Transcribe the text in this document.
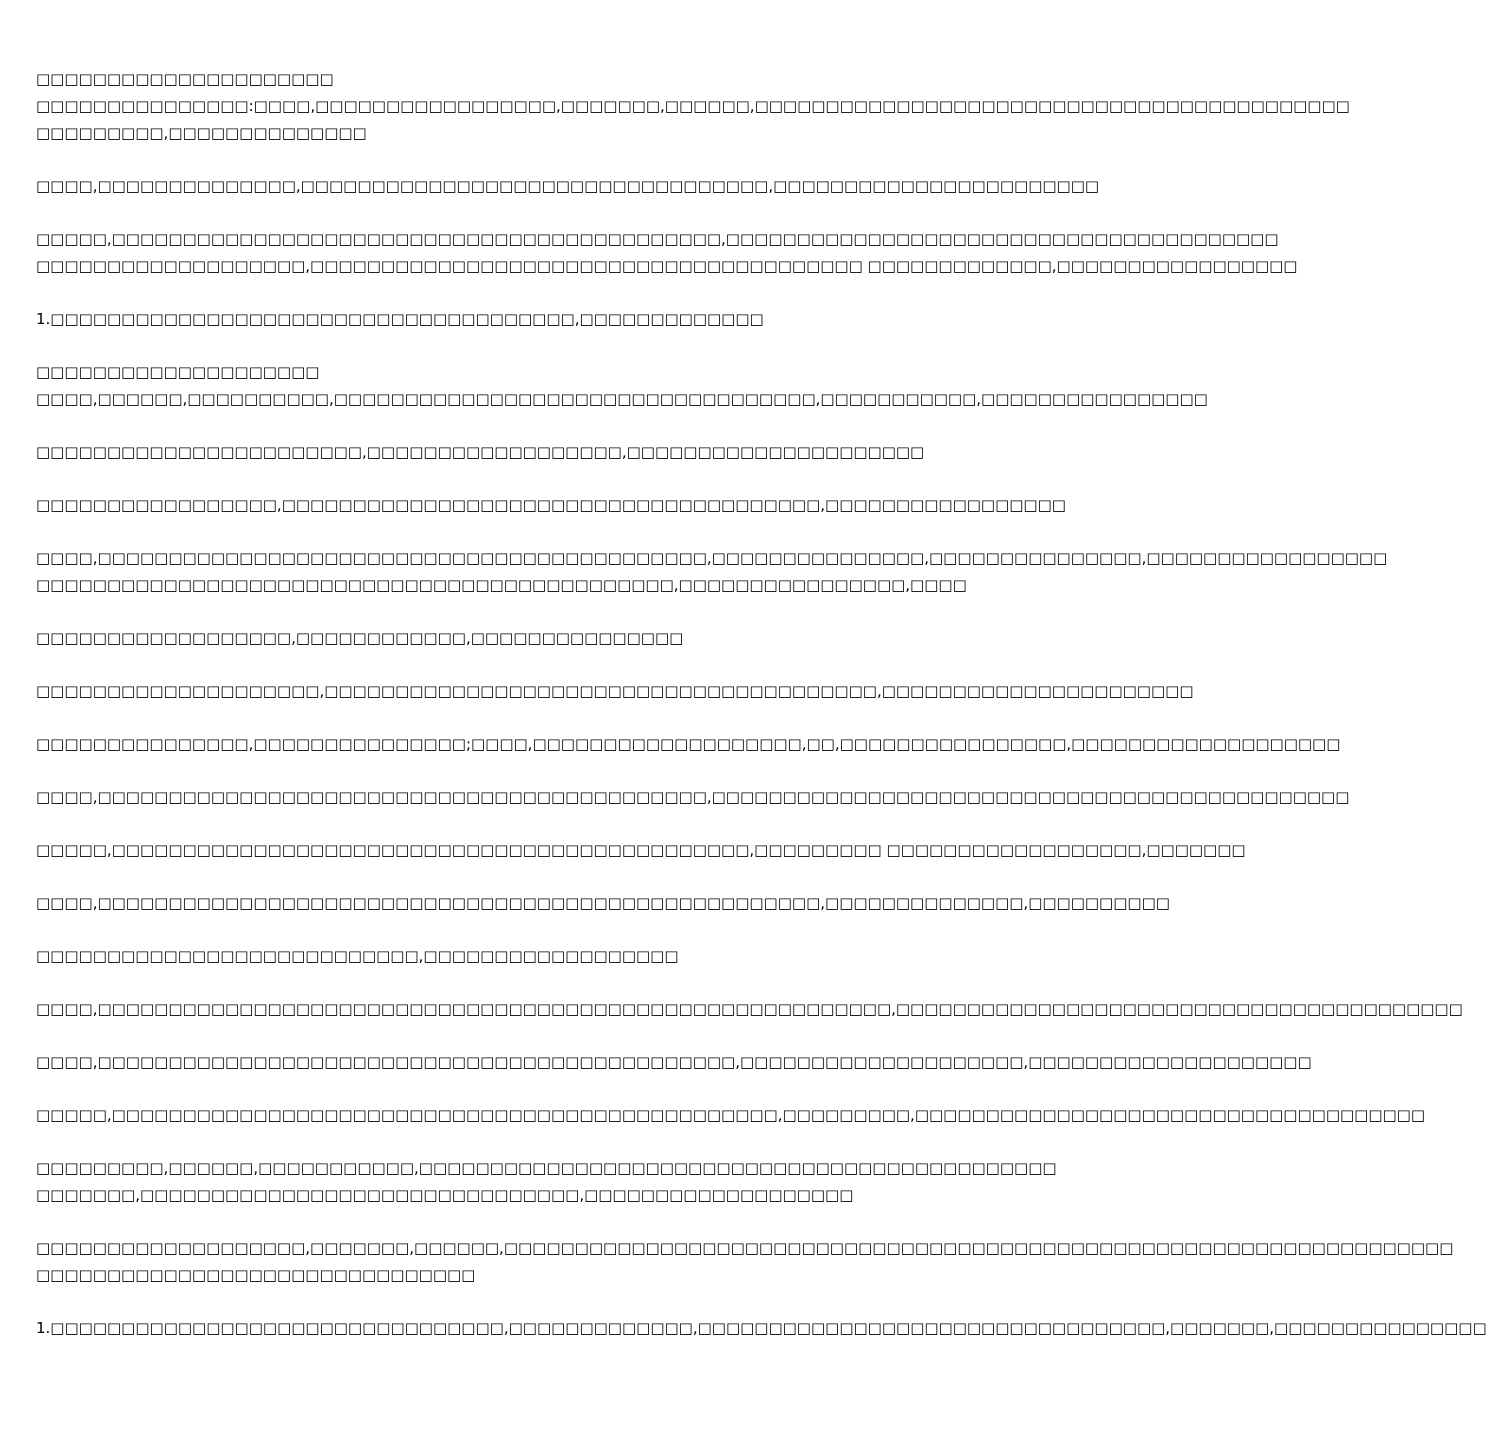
□□□□□□□□□□□□□□□□□□□□□
□□□□□□□□□□□□□□□:□□□□,□□□□□□□□□□□□□□□□□,□□□□□□□,□□□□□□,□□□□□□□□□□□□□□□□□□□□□□□□□□□□□□□□□□□□□□□□□□
□□□□□□□□□,□□□□□□□□□□□□□□
□□□□,□□□□□□□□□□□□□□,□□□□□□□□□□□□□□□□□□□□□□□□□□□□□□□□□,□□□□□□□□□□□□□□□□□□□□□□□
□□□□□,□□□□□□□□□□□□□□□□□□□□□□□□□□□□□□□□□□□□□□□□□□□,□□□□□□□□□□□□□□□□□□□□□□□□□□□□□□□□□□□□□□□
□□□□□□□□□□□□□□□□□□□,□□□□□□□□□□□□□□□□□□□□□□□□□□□□□□□□□□□□□□□ □□□□□□□□□□□□□,□□□□□□□□□□□□□□□□□
1.□□□□□□□□□□□□□□□□□□□□□□□□□□□□□□□□□□□□□,□□□□□□□□□□□□□
□□□□□□□□□□□□□□□□□□□□
□□□□,□□□□□□,□□□□□□□□□□,□□□□□□□□□□□□□□□□□□□□□□□□□□□□□□□□□□,□□□□□□□□□□□,□□□□□□□□□□□□□□□□
□□□□□□□□□□□□□□□□□□□□□□□,□□□□□□□□□□□□□□□□□□,□□□□□□□□□□□□□□□□□□□□□
□□□□□□□□□□□□□□□□□,□□□□□□□□□□□□□□□□□□□□□□□□□□□□□□□□□□□□□□,□□□□□□□□□□□□□□□□□
□□□□,□□□□□□□□□□□□□□□□□□□□□□□□□□□□□□□□□□□□□□□□□□□,□□□□□□□□□□□□□□□,□□□□□□□□□□□□□□□,□□□□□□□□□□□□□□□□□
□□□□□□□□□□□□□□□□□□□□□□□□□□□□□□□□□□□□□□□□□□□□□,□□□□□□□□□□□□□□□□,□□□□
□□□□□□□□□□□□□□□□□□,□□□□□□□□□□□□,□□□□□□□□□□□□□□□
□□□□□□□□□□□□□□□□□□□□,□□□□□□□□□□□□□□□□□□□□□□□□□□□□□□□□□□□□□□□,□□□□□□□□□□□□□□□□□□□□□□
□□□□□□□□□□□□□□□,□□□□□□□□□□□□□□□;□□□□,□□□□□□□□□□□□□□□□□□□,□□,□□□□□□□□□□□□□□□□,□□□□□□□□□□□□□□□□□□□
□□□□,□□□□□□□□□□□□□□□□□□□□□□□□□□□□□□□□□□□□□□□□□□□,□□□□□□□□□□□□□□□□□□□□□□□□□□□□□□□□□□□□□□□□□□□□□
□□□□□,□□□□□□□□□□□□□□□□□□□□□□□□□□□□□□□□□□□□□□□□□□□□□,□□□□□□□□□ □□□□□□□□□□□□□□□□□□,□□□□□□□
□□□□,□□□□□□□□□□□□□□□□□□□□□□□□□□□□□□□□□□□□□□□□□□□□□□□□□□□,□□□□□□□□□□□□□□,□□□□□□□□□□
□□□□□□□□□□□□□□□□□□□□□□□□□□□,□□□□□□□□□□□□□□□□□□
□□□□,□□□□□□□□□□□□□□□□□□□□□□□□□□□□□□□□□□□□□□□□□□□□□□□□□□□□□□□□,□□□□□□□□□□□□□□□□□□□□□□□□□□□□□□□□□□□□□□□□
□□□□,□□□□□□□□□□□□□□□□□□□□□□□□□□□□□□□□□□□□□□□□□□□□□,□□□□□□□□□□□□□□□□□□□□,□□□□□□□□□□□□□□□□□□□□
□□□□□,□□□□□□□□□□□□□□□□□□□□□□□□□□□□□□□□□□□□□□□□□□□□□□□,□□□□□□□□□,□□□□□□□□□□□□□□□□□□□□□□□□□□□□□□□□□□□□
□□□□□□□□□,□□□□□□,□□□□□□□□□□□,□□□□□□□□□□□□□□□□□□□□□□□□□□□□□□□□□□□□□□□□□□□□□
□□□□□□□,□□□□□□□□□□□□□□□□□□□□□□□□□□□□□□□,□□□□□□□□□□□□□□□□□□□
□□□□□□□□□□□□□□□□□□□,□□□□□□□,□□□□□□,□□□□□□□□□□□□□□□□□□□□□□□□□□□□□□□□□□□□□□□□□□□□□□□□□□□□□□□□□□□□□□□□□□□
□□□□□□□□□□□□□□□□□□□□□□□□□□□□□□□
1.□□□□□□□□□□□□□□□□□□□□□□□□□□□□□□□□,□□□□□□□□□□□□□,□□□□□□□□□□□□□□□□□□□□□□□□□□□□□□□□□,□□□□□□□,□□□□□□□□□□□□□□□
